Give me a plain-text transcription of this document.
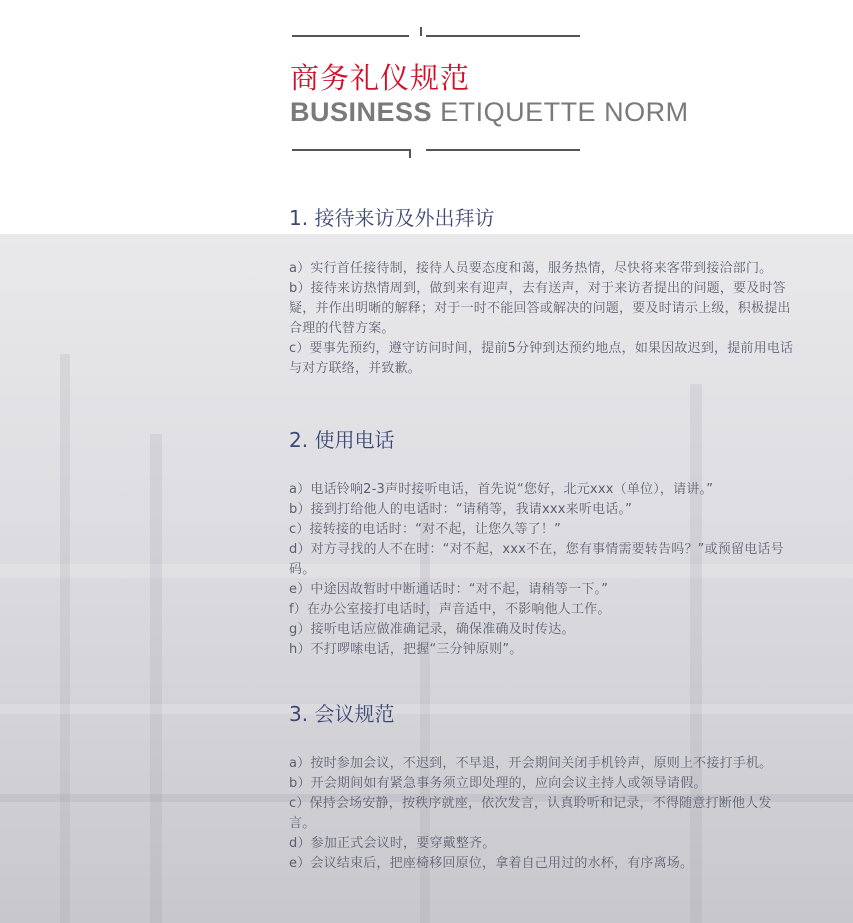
商务礼仪规范
BUSINESS ETIQUETTE NORM
1. 接待来访及外出拜访
a）实行首任接待制，接待人员要态度和蔼，服务热情，尽快将来客带到接洽部门。
b）接待来访热情周到，做到来有迎声，去有送声，对于来访者提出的问题，要及时答疑，并作出明晰的解释；对于一时不能回答或解决的问题，要及时请示上级，积极提出合理的代替方案。
c）要事先预约，遵守访问时间，提前5分钟到达预约地点，如果因故迟到，提前用电话与对方联络，并致歉。
2. 使用电话
a）电话铃响2-3声时接听电话，首先说“您好，北元xxx（单位），请讲。”
b）接到打给他人的电话时：“请稍等，我请xxx来听电话。”
c）接转接的电话时：“对不起，让您久等了！”
d）对方寻找的人不在时：“对不起，xxx不在，您有事情需要转告吗？”或预留电话号码。
e）中途因故暂时中断通话时：“对不起，请稍等一下。”
f）在办公室接打电话时，声音适中，不影响他人工作。
g）接听电话应做准确记录，确保准确及时传达。
h）不打啰嗦电话，把握“三分钟原则”。
3. 会议规范
a）按时参加会议，不迟到，不早退，开会期间关闭手机铃声，原则上不接打手机。
b）开会期间如有紧急事务须立即处理的，应向会议主持人或领导请假。
c）保持会场安静，按秩序就座，依次发言，认真聆听和记录，不得随意打断他人发言。
d）参加正式会议时，要穿戴整齐。
e）会议结束后，把座椅移回原位，拿着自己用过的水杯，有序离场。
